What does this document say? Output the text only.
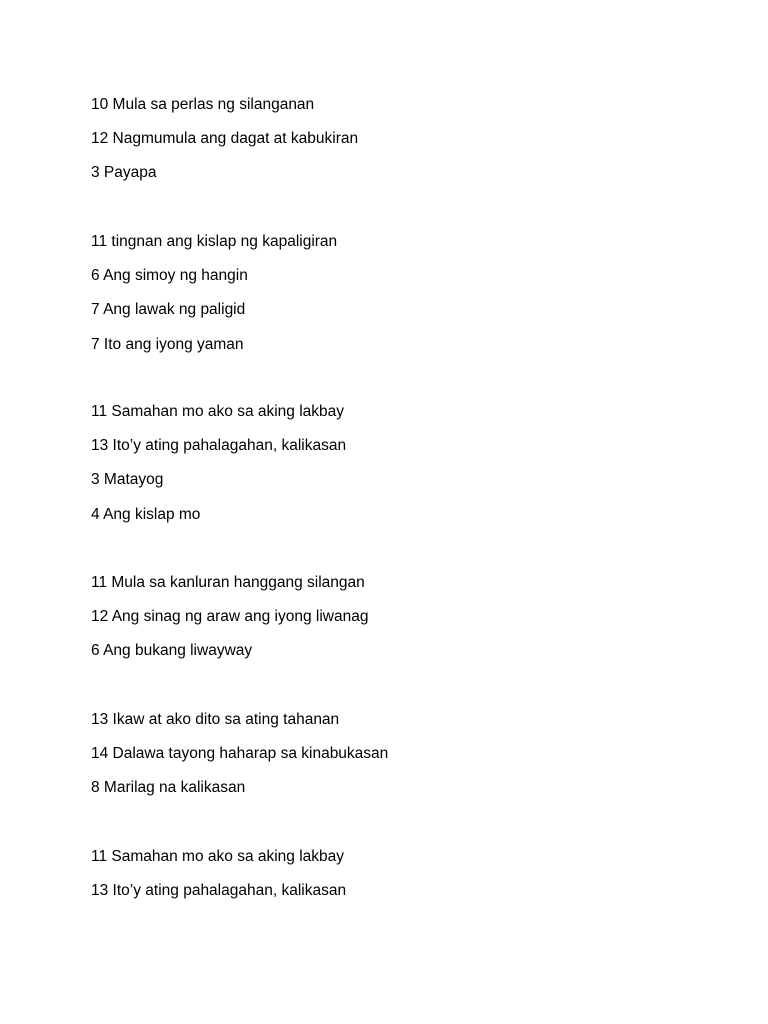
10 Mula sa perlas ng silanganan
12 Nagmumula ang dagat at kabukiran
3 Payapa
11 tingnan ang kislap ng kapaligiran
6 Ang simoy ng hangin
7 Ang lawak ng paligid
7 Ito ang iyong yaman
11 Samahan mo ako sa aking lakbay
13 Ito’y ating pahalagahan, kalikasan
3 Matayog
4 Ang kislap mo
11 Mula sa kanluran hanggang silangan
12 Ang sinag ng araw ang iyong liwanag
6 Ang bukang liwayway
13 Ikaw at ako dito sa ating tahanan
14 Dalawa tayong haharap sa kinabukasan
8 Marilag na kalikasan
11 Samahan mo ako sa aking lakbay
13 Ito’y ating pahalagahan, kalikasan
